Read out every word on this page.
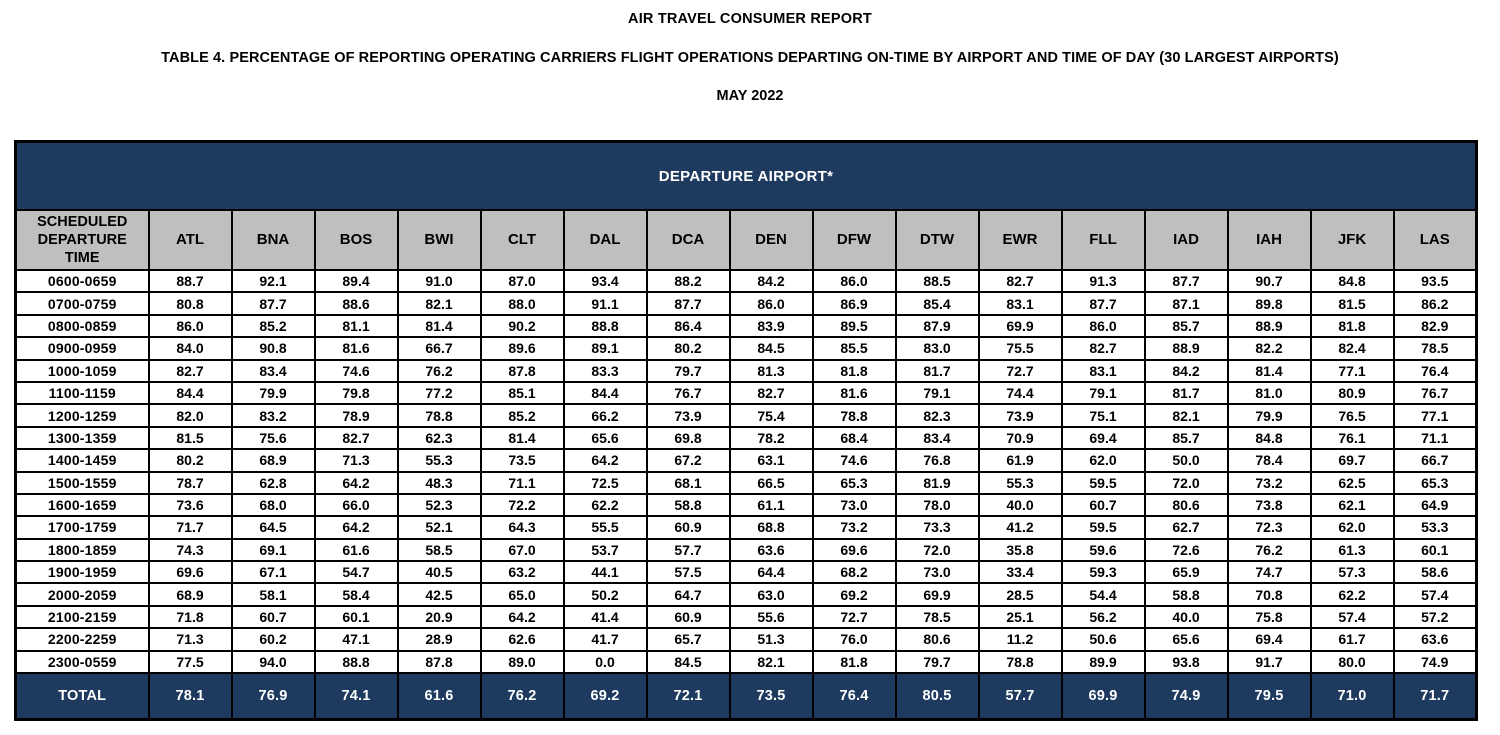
AIR TRAVEL CONSUMER REPORT
TABLE 4. PERCENTAGE OF REPORTING OPERATING CARRIERS FLIGHT OPERATIONS DEPARTING ON-TIME BY AIRPORT AND TIME OF DAY (30 LARGEST AIRPORTS)
MAY 2022
DEPARTURE AIRPORT*																
SCHEDULED DEPARTURE TIME	ATL	BNA	BOS	BWI	CLT	DAL	DCA	DEN	DFW	DTW	EWR	FLL	IAD	IAH	JFK	LAS
0600-0659	88.7	92.1	89.4	91.0	87.0	93.4	88.2	84.2	86.0	88.5	82.7	91.3	87.7	90.7	84.8	93.5
0700-0759	80.8	87.7	88.6	82.1	88.0	91.1	87.7	86.0	86.9	85.4	83.1	87.7	87.1	89.8	81.5	86.2
0800-0859	86.0	85.2	81.1	81.4	90.2	88.8	86.4	83.9	89.5	87.9	69.9	86.0	85.7	88.9	81.8	82.9
0900-0959	84.0	90.8	81.6	66.7	89.6	89.1	80.2	84.5	85.5	83.0	75.5	82.7	88.9	82.2	82.4	78.5
1000-1059	82.7	83.4	74.6	76.2	87.8	83.3	79.7	81.3	81.8	81.7	72.7	83.1	84.2	81.4	77.1	76.4
1100-1159	84.4	79.9	79.8	77.2	85.1	84.4	76.7	82.7	81.6	79.1	74.4	79.1	81.7	81.0	80.9	76.7
1200-1259	82.0	83.2	78.9	78.8	85.2	66.2	73.9	75.4	78.8	82.3	73.9	75.1	82.1	79.9	76.5	77.1
1300-1359	81.5	75.6	82.7	62.3	81.4	65.6	69.8	78.2	68.4	83.4	70.9	69.4	85.7	84.8	76.1	71.1
1400-1459	80.2	68.9	71.3	55.3	73.5	64.2	67.2	63.1	74.6	76.8	61.9	62.0	50.0	78.4	69.7	66.7
1500-1559	78.7	62.8	64.2	48.3	71.1	72.5	68.1	66.5	65.3	81.9	55.3	59.5	72.0	73.2	62.5	65.3
1600-1659	73.6	68.0	66.0	52.3	72.2	62.2	58.8	61.1	73.0	78.0	40.0	60.7	80.6	73.8	62.1	64.9
1700-1759	71.7	64.5	64.2	52.1	64.3	55.5	60.9	68.8	73.2	73.3	41.2	59.5	62.7	72.3	62.0	53.3
1800-1859	74.3	69.1	61.6	58.5	67.0	53.7	57.7	63.6	69.6	72.0	35.8	59.6	72.6	76.2	61.3	60.1
1900-1959	69.6	67.1	54.7	40.5	63.2	44.1	57.5	64.4	68.2	73.0	33.4	59.3	65.9	74.7	57.3	58.6
2000-2059	68.9	58.1	58.4	42.5	65.0	50.2	64.7	63.0	69.2	69.9	28.5	54.4	58.8	70.8	62.2	57.4
2100-2159	71.8	60.7	60.1	20.9	64.2	41.4	60.9	55.6	72.7	78.5	25.1	56.2	40.0	75.8	57.4	57.2
2200-2259	71.3	60.2	47.1	28.9	62.6	41.7	65.7	51.3	76.0	80.6	11.2	50.6	65.6	69.4	61.7	63.6
2300-0559	77.5	94.0	88.8	87.8	89.0	0.0	84.5	82.1	81.8	79.7	78.8	89.9	93.8	91.7	80.0	74.9
TOTAL	78.1	76.9	74.1	61.6	76.2	69.2	72.1	73.5	76.4	80.5	57.7	69.9	74.9	79.5	71.0	71.7
